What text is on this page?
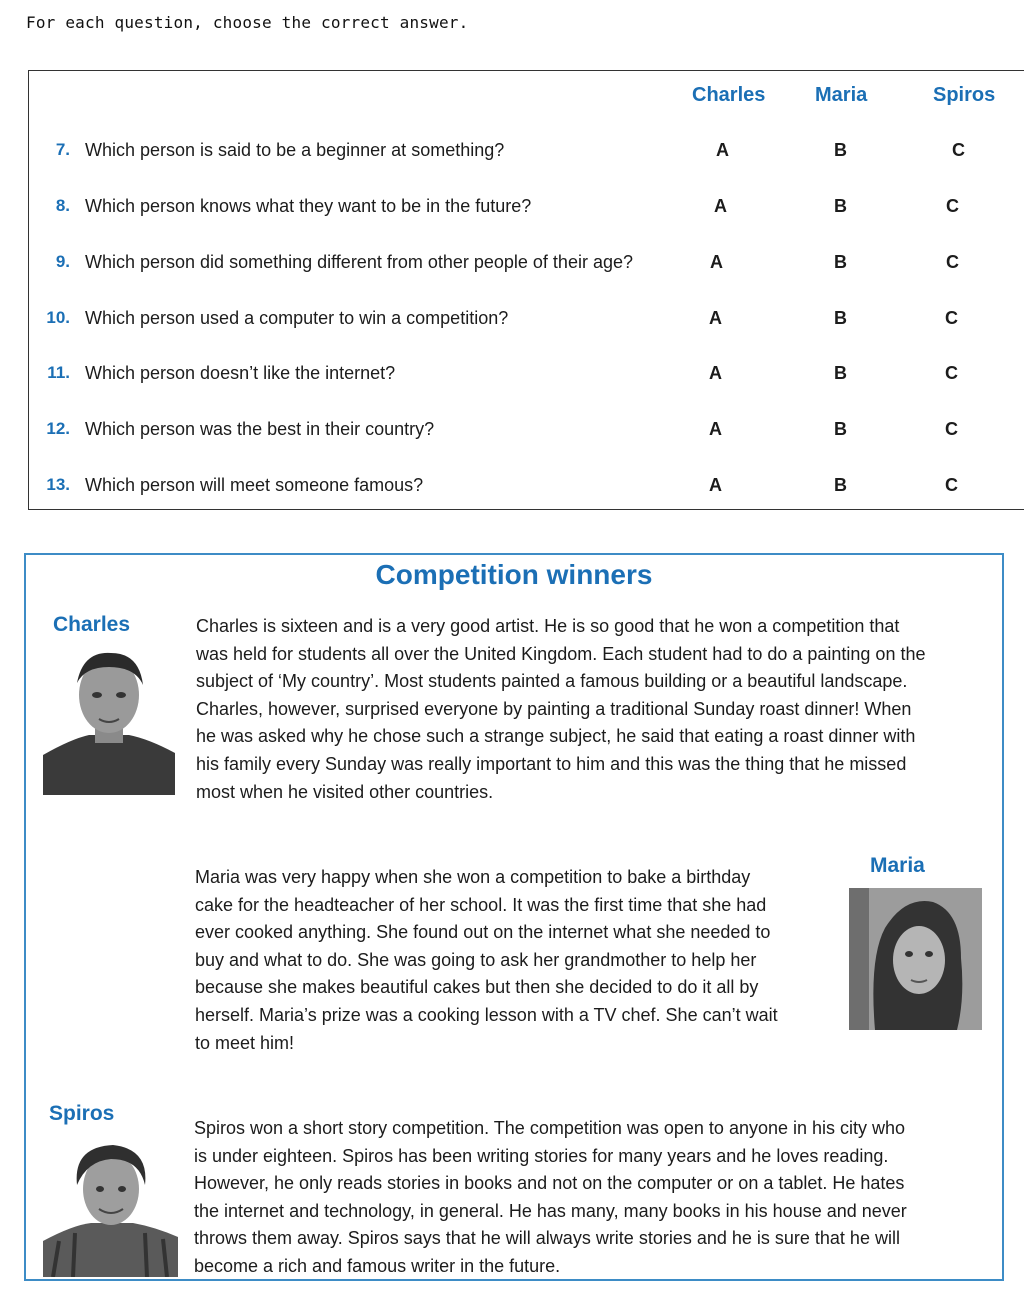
For each question, choose the correct answer.
Charles Maria	Spiros
7. Which person is said to be a beginner at something?	A	B	C
8. Which person knows what they want to be in the future?	A	B	C
9. Which person did something different from other people of their age?	A	B	C
10. Which person used a computer to win a competition?	A	B	C
11. Which person doesn’t like the internet?	A	B	C
12. Which person was the best in their country?	A	B	C
13. Which person will meet someone famous?	A	B	C
Competition winners
Charles	Charles is sixteen and is a very good artist. He is so good that he won a competition that
was held for students all over the United Kingdom. Each student had to do a painting on the
subject of ‘My country’. Most students painted a famous building or a beautiful landscape.
Charles, however, surprised everyone by painting a traditional Sunday roast dinner! When
he was asked why he chose such a strange subject, he said that eating a roast dinner with
his family every Sunday was really important to him and this was the thing that he missed
most when he visited other countries.
Maria was very happy when she won a competition to bake a birthday
cake for the headteacher of her school. It was the first time that she had
ever cooked anything. She found out on the internet what she needed to
buy and what to do. She was going to ask her grandmother to help her
because she makes beautiful cakes but then she decided to do it all by
herself. Maria’s prize was a cooking lesson with a TV chef. She can’t wait
to meet him!
Maria
Spiros
Spiros won a short story competition. The competition was open to anyone in his city who
is under eighteen. Spiros has been writing stories for many years and he loves reading.
However, he only reads stories in books and not on the computer or on a tablet. He hates
the internet and technology, in general. He has many, many books in his house and never
throws them away. Spiros says that he will always write stories and he is sure that he will
become a rich and famous writer in the future.
